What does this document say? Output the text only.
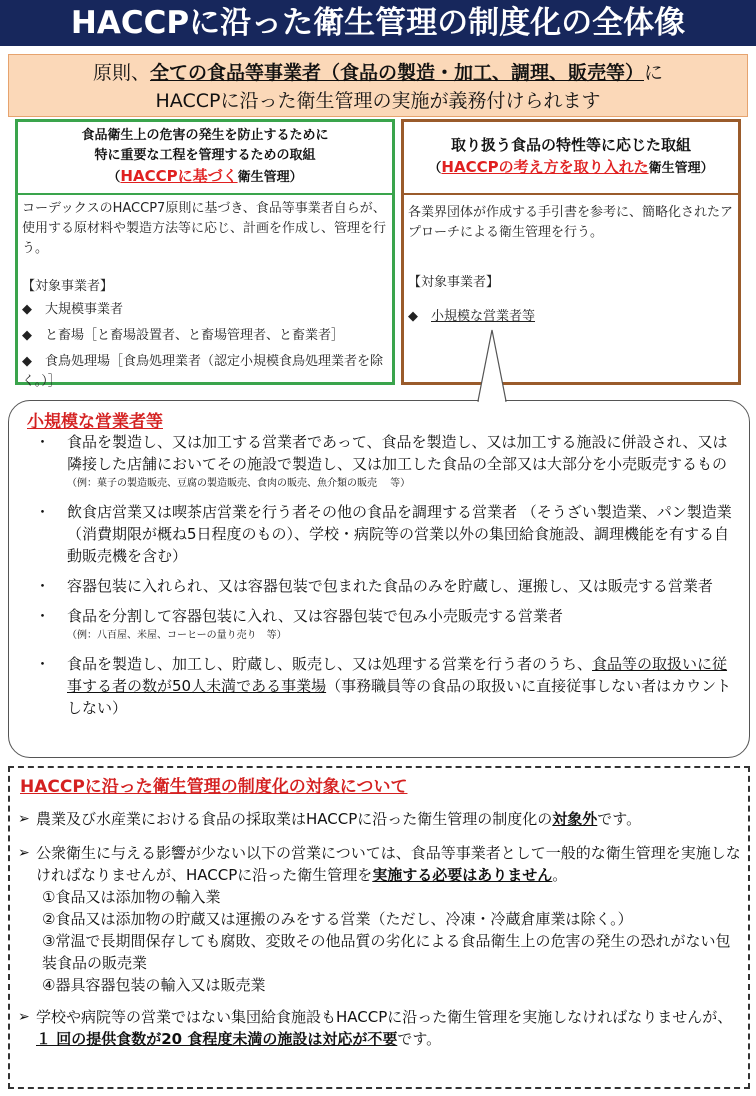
HACCPに沿った衛生管理の制度化の全体像
原則、全ての食品等事業者（食品の製造・加工、調理、販売等）に
HACCPに沿った衛生管理の実施が義務付けられます
食品衛生上の危害の発生を防止するために
特に重要な工程を管理するための取組
（HACCPに基づく衛生管理）
コーデックスのHACCP7原則に基づき、食品等事業者自らが、使用する原材料や製造方法等に応じ、計画を作成し、管理を行う。
【対象事業者】
◆　大規模事業者
◆　と畜場［と畜場設置者、と畜場管理者、と畜業者］
◆　食鳥処理場［食鳥処理業者（認定小規模食鳥処理業者を除く。）］
取り扱う食品の特性等に応じた取組
（HACCPの考え方を取り入れた衛生管理）
各業界団体が作成する手引書を参考に、簡略化されたアプローチによる衛生管理を行う。
【対象事業者】
◆　小規模な営業者等
小規模な営業者等
・ 食品を製造し、又は加工する営業者であって、食品を製造し、又は加工する施設に併設され、又は隣接した店舗においてその施設で製造し、又は加工した食品の全部又は大部分を小売販売するもの
（例：菓子の製造販売、豆腐の製造販売、食肉の販売、魚介類の販売　 等）
・ 飲食店営業又は喫茶店営業を行う者その他の食品を調理する営業者 （そうざい製造業、パン製造業（消費期限が概ね5日程度のもの）、学校・病院等の営業以外の集団給食施設、調理機能を有する自動販売機を含む）
・ 容器包装に入れられ、又は容器包装で包まれた食品のみを貯蔵し、運搬し、又は販売する営業者
・ 食品を分割して容器包装に入れ、又は容器包装で包み小売販売する営業者
（例：八百屋、米屋、コーヒーの量り売り　等）
・ 食品を製造し、加工し、貯蔵し、販売し、又は処理する営業を行う者のうち、食品等の取扱いに従事する者の数が50人未満である事業場（事務職員等の食品の取扱いに直接従事しない者はカウントしない）
HACCPに沿った衛生管理の制度化の対象について
➢ 農業及び水産業における食品の採取業はHACCPに沿った衛生管理の制度化の対象外です。
➢ 公衆衛生に与える影響が少ない以下の営業については、食品等事業者として一般的な衛生管理を実施しなければなりませんが、HACCPに沿った衛生管理を実施する必要はありません。
①食品又は添加物の輸入業
②食品又は添加物の貯蔵又は運搬のみをする営業（ただし、冷凍・冷蔵倉庫業は除く。）
③常温で長期間保存しても腐敗、変敗その他品質の劣化による食品衛生上の危害の発生の恐れがない包装食品の販売業
④器具容器包装の輸入又は販売業
➢ 学校や病院等の営業ではない集団給食施設もHACCPに沿った衛生管理を実施しなければなりませんが、１ 回の提供食数が20 食程度未満の施設は対応が不要です。
